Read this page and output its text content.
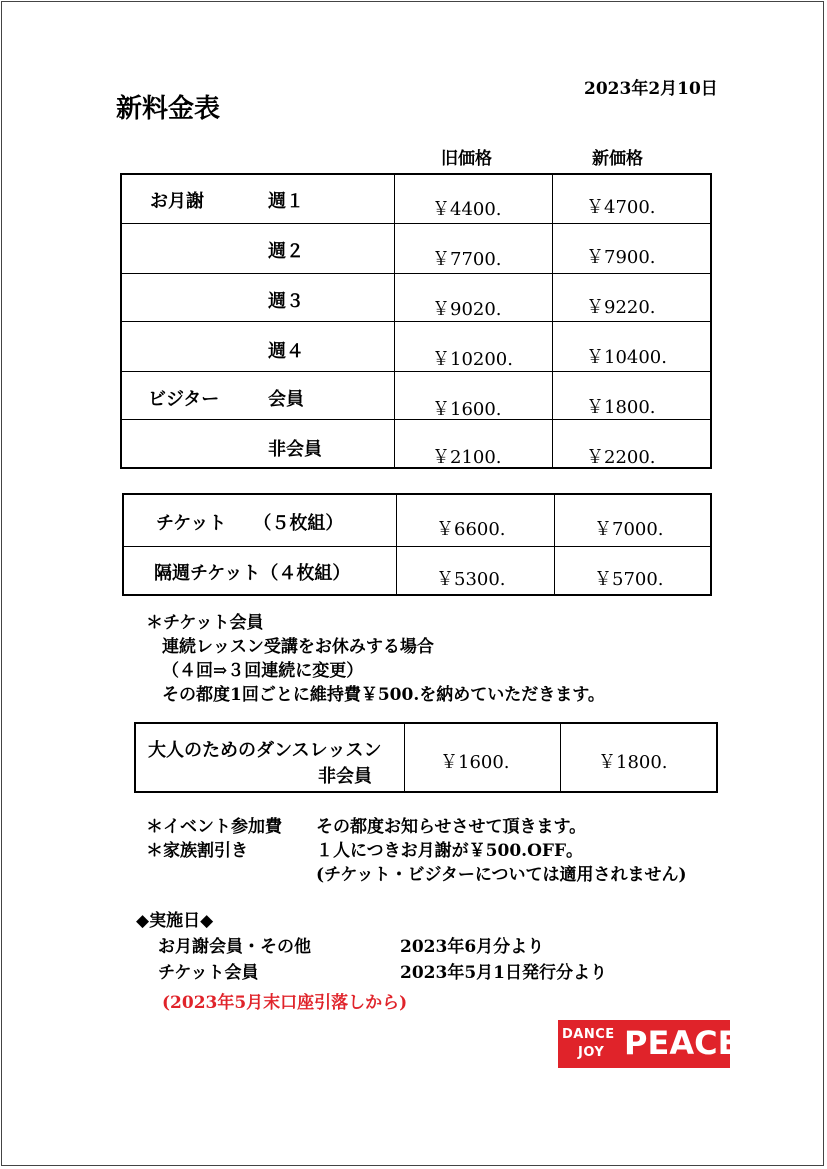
新料金表
2023年2月10日
旧価格	新価格
お月謝	週１	￥4400.	￥4700.
週２	￥7700.	￥7900.
週３	￥9020.	￥9220.
週４	￥10200.	￥10400.
ビジター	会員	￥1600.	￥1800.
非会員	￥2100.	￥2200.
チケット　　（５枚組）	￥6600.	￥7000.
隔週チケット（４枚組）	￥5300.	￥5700.
＊チケット会員
連続レッスン受講をお休みする場合
（４回⇒３回連続に変更）
その都度1回ごとに維持費￥500.を納めていただきます。
大人のためのダンスレッスン
非会員
￥1600.	￥1800.
＊イベント参加費 その都度お知らせさせて頂きます。
＊家族割引き	１人につきお月謝が￥500.OFF。
(チケット・ビジターについては適用されません)
◆実施日◆
お月謝会員・その他	2023年6月分より
チケット会員	2023年5月1日発行分より
(2023年5月末口座引落しから)
DANCE
JOY PEACE
